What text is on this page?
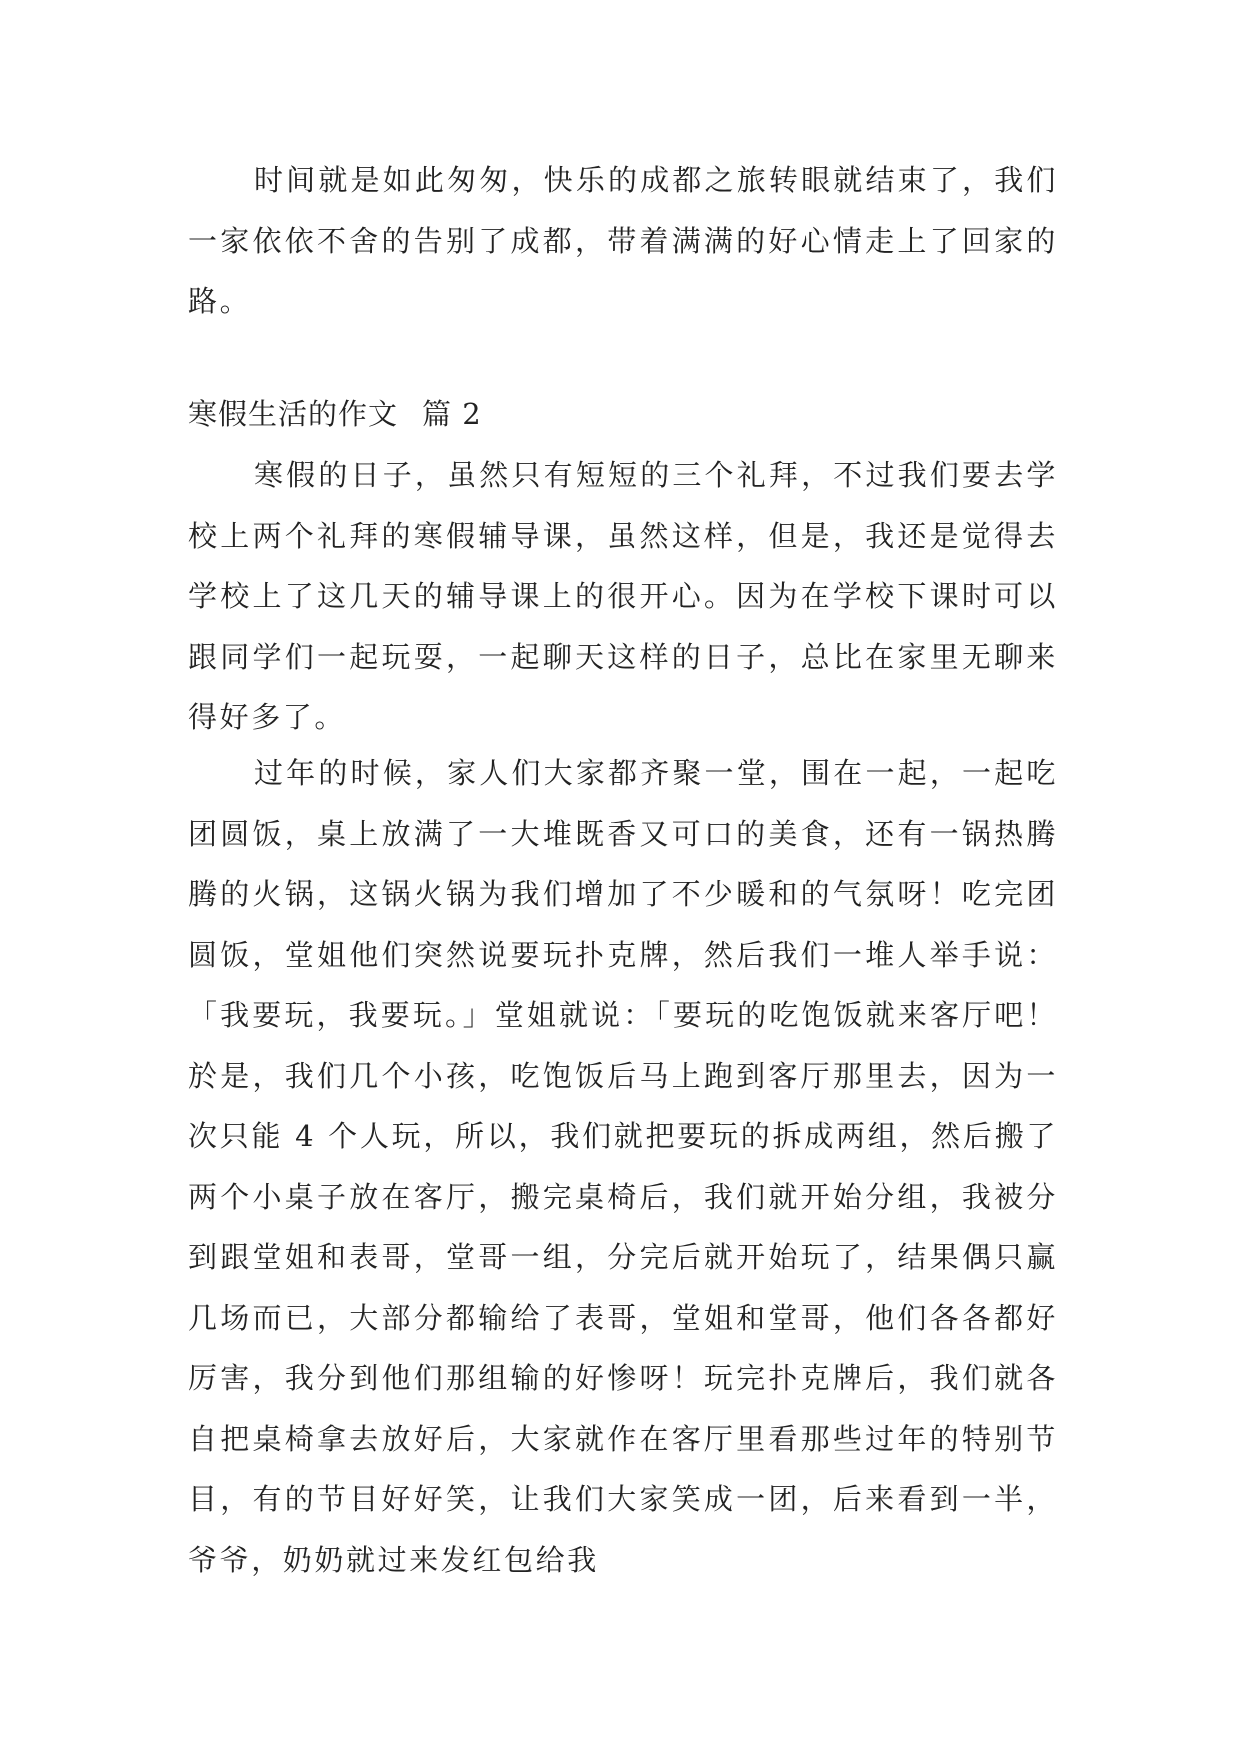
时间就是如此匆匆，快乐的成都之旅转眼就结束了，我们一家依依不舍的告别了成都，带着满满的好心情走上了回家的路。

寒假生活的作文 篇 2

寒假的日子，虽然只有短短的三个礼拜，不过我们要去学校上两个礼拜的寒假辅导课，虽然这样，但是，我还是觉得去学校上了这几天的辅导课上的很开心。因为在学校下课时可以跟同学们一起玩耍，一起聊天这样的日子，总比在家里无聊来得好多了。

过年的时候，家人们大家都齐聚一堂，围在一起，一起吃团圆饭，桌上放满了一大堆既香又可口的美食，还有一锅热腾腾的火锅，这锅火锅为我们增加了不少暖和的气氛呀！吃完团圆饭，堂姐他们突然说要玩扑克牌，然后我们一堆人举手说：「我要玩，我要玩。」堂姐就说：「要玩的吃饱饭就来客厅吧！於是，我们几个小孩，吃饱饭后马上跑到客厅那里去，因为一次只能 4 个人玩，所以，我们就把要玩的拆成两组，然后搬了两个小桌子放在客厅，搬完桌椅后，我们就开始分组，我被分到跟堂姐和表哥，堂哥一组，分完后就开始玩了，结果偶只赢几场而已，大部分都输给了表哥，堂姐和堂哥，他们各各都好厉害，我分到他们那组输的好惨呀！玩完扑克牌后，我们就各自把桌椅拿去放好后，大家就作在客厅里看那些过年的特别节目，有的节目好好笑，让我们大家笑成一团，后来看到一半，爷爷，奶奶就过来发红包给我
